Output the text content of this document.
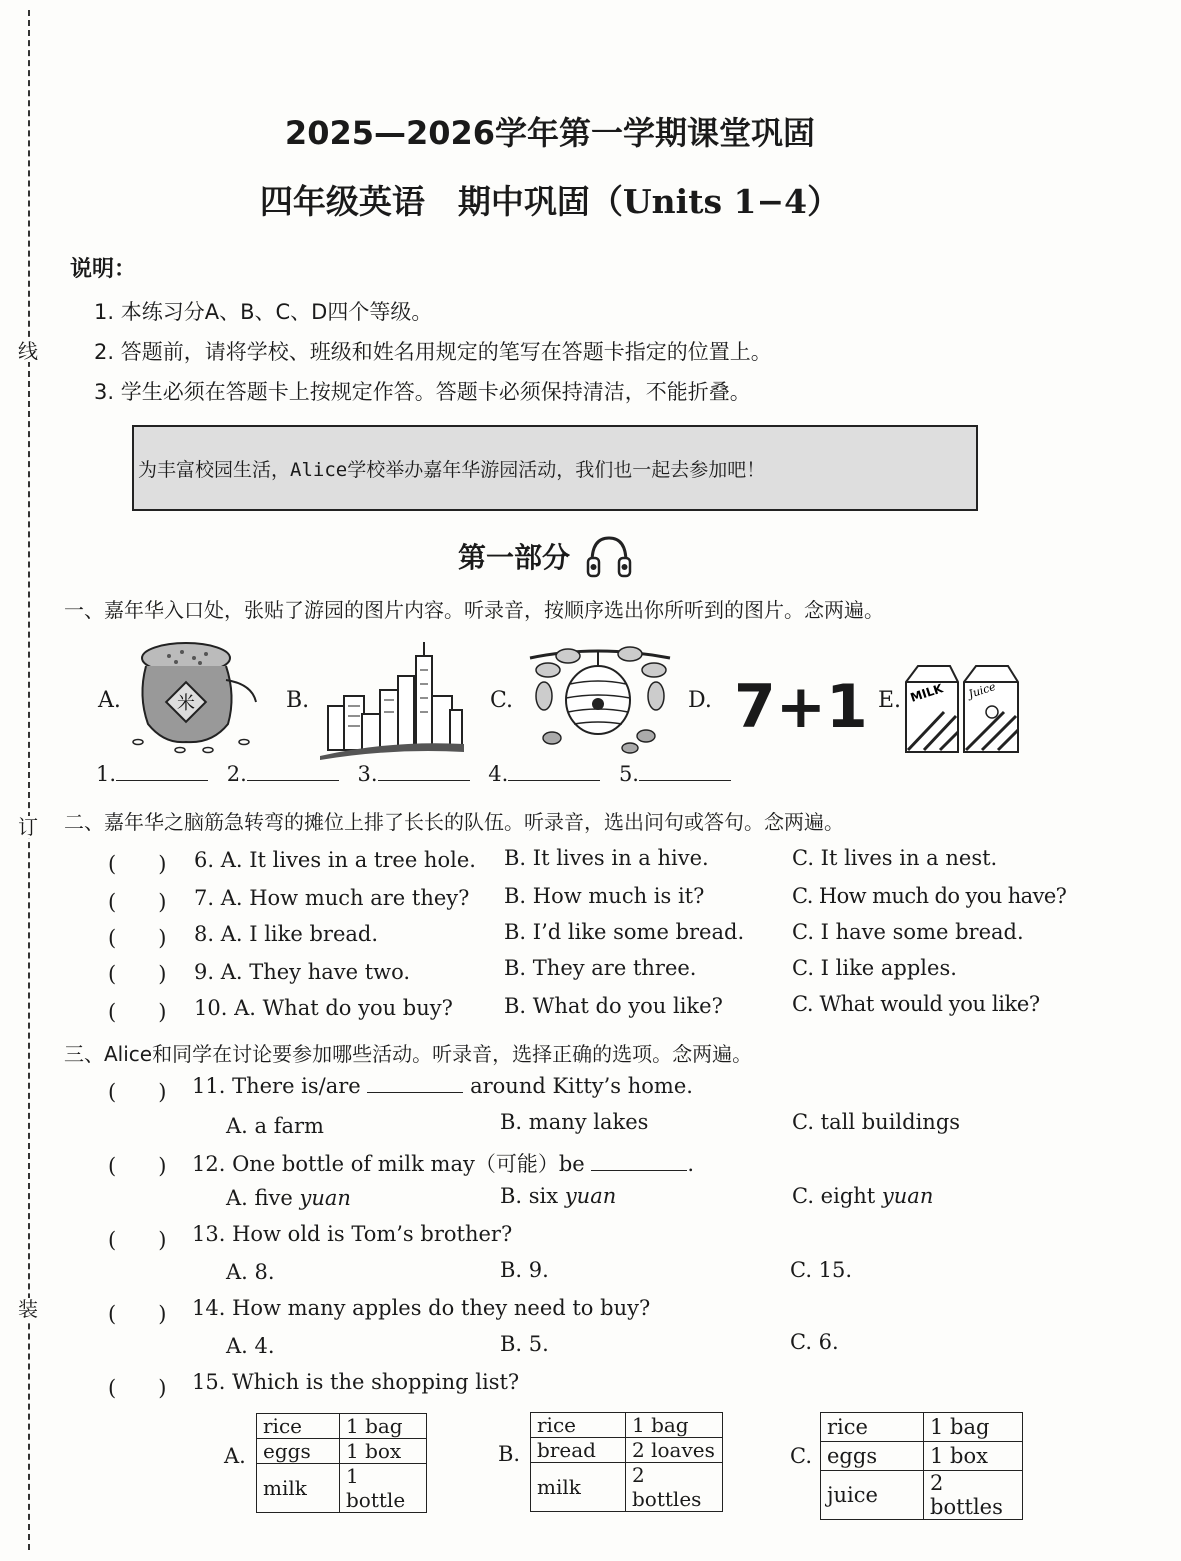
线
订
装
2025—2026学年第一学期课堂巩固
四年级英语　期中巩固（Units 1−4）
说明：
1. 本练习分A、B、C、D四个等级。
2. 答题前，请将学校、班级和姓名用规定的笔写在答题卡指定的位置上。
3. 学生必须在答题卡上按规定作答。答题卡必须保持清洁，不能折叠。
为丰富校园生活，Alice学校举办嘉年华游园活动，我们也一起去参加吧！
第一部分
一、嘉年华入口处，张贴了游园的图片内容。听录音，按顺序选出你所听到的图片。念两遍。
A.	米	B.	C.	D. 7+1 E. MILK Juice
1.	2.	3.	4.	5.
二、嘉年华之脑筋急转弯的摊位上排了长长的队伍。听录音，选出问句或答句。念两遍。
(　　) 6. A. It lives in a tree hole. B. It lives in a hive.	C. It lives in a nest.
(　　) 7. A. How much are they? B. How much is it?	C. How much do you have?
(　　) 8. A. I like bread.	B. I’d like some bread. C. I have some bread.
(　　) 9. A. They have two.	B. They are three.	C. I like apples.
(　　) 10. A. What do you buy? B. What do you like?	C. What would you like?
三、Alice和同学在讨论要参加哪些活动。听录音，选择正确的选项。念两遍。
(　　) 11. There is/are	around Kitty’s home.
A. a farm	B. many lakes	C. tall buildings
(　　) 12. One bottle of milk may（可能）be	.
A. five yuan	B. six yuan	C. eight yuan
(　　) 13. How old is Tom’s brother?
A. 8.	B. 9.	C. 15.
(　　) 14. How many apples do they need to buy?
A. 4.	B. 5.	C. 6.
(　　) 15. Which is the shopping list?
A.
rice	1 bag
eggs	1 box
milk	1 bottle
B.
rice	1 bag
bread	2 loaves
milk	2 bottles
C.
rice	1 bag
eggs	1 box
juice	2 bottles
